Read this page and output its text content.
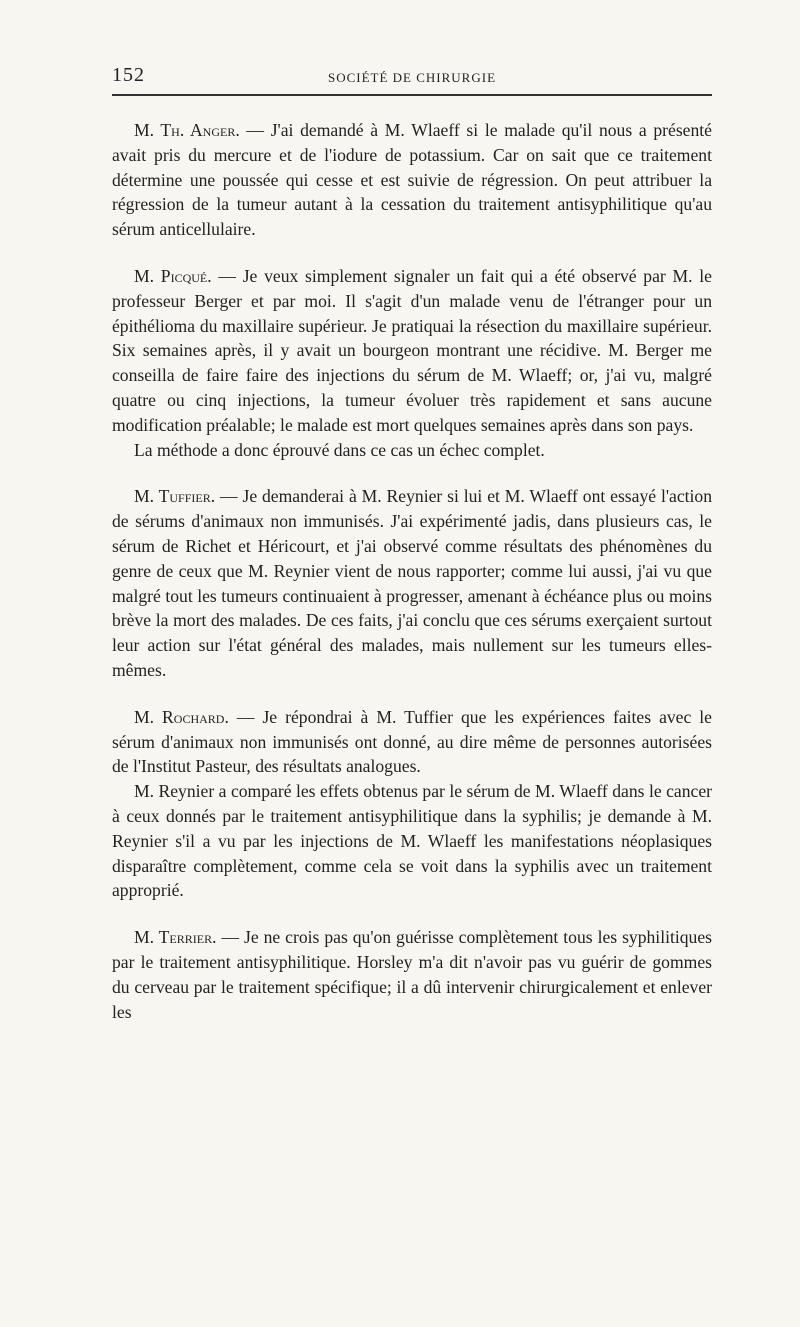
152	SOCIÉTÉ DE CHIRURGIE

M. Th. Anger. — J'ai demandé à M. Wlaeff si le malade qu'il nous a présenté avait pris du mercure et de l'iodure de potassium. Car on sait que ce traitement détermine une poussée qui cesse et est suivie de régression. On peut attribuer la régression de la tumeur autant à la cessation du traitement antisyphilitique qu'au sérum anticellulaire.

M. Picqué. — Je veux simplement signaler un fait qui a été observé par M. le professeur Berger et par moi. Il s'agit d'un malade venu de l'étranger pour un épithélioma du maxillaire supérieur. Je pratiquai la résection du maxillaire supérieur. Six semaines après, il y avait un bourgeon montrant une récidive. M. Berger me conseilla de faire faire des injections du sérum de M. Wlaeff; or, j'ai vu, malgré quatre ou cinq injections, la tumeur évoluer très rapidement et sans aucune modification préalable; le malade est mort quelques semaines après dans son pays.

La méthode a donc éprouvé dans ce cas un échec complet.

M. Tuffier. — Je demanderai à M. Reynier si lui et M. Wlaeff ont essayé l'action de sérums d'animaux non immunisés. J'ai expérimenté jadis, dans plusieurs cas, le sérum de Richet et Héricourt, et j'ai observé comme résultats des phénomènes du genre de ceux que M. Reynier vient de nous rapporter; comme lui aussi, j'ai vu que malgré tout les tumeurs continuaient à progresser, amenant à échéance plus ou moins brève la mort des malades. De ces faits, j'ai conclu que ces sérums exerçaient surtout leur action sur l'état général des malades, mais nullement sur les tumeurs elles-mêmes.

M. Rochard. — Je répondrai à M. Tuffier que les expériences faites avec le sérum d'animaux non immunisés ont donné, au dire même de personnes autorisées de l'Institut Pasteur, des résultats analogues.

M. Reynier a comparé les effets obtenus par le sérum de M. Wlaeff dans le cancer à ceux donnés par le traitement antisyphilitique dans la syphilis; je demande à M. Reynier s'il a vu par les injections de M. Wlaeff les manifestations néoplasiques disparaître complètement, comme cela se voit dans la syphilis avec un traitement approprié.

M. Terrier. — Je ne crois pas qu'on guérisse complètement tous les syphilitiques par le traitement antisyphilitique. Horsley m'a dit n'avoir pas vu guérir de gommes du cerveau par le traitement spécifique; il a dû intervenir chirurgicalement et enlever les
